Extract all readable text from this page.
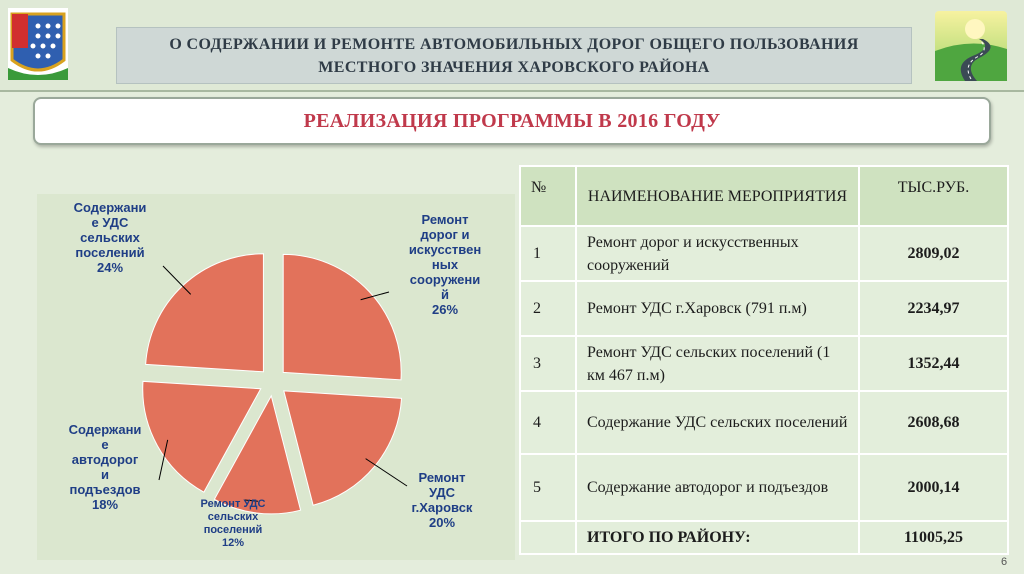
О СОДЕРЖАНИИ И РЕМОНТЕ АВТОМОБИЛЬНЫХ ДОРОГ ОБЩЕГО ПОЛЬЗОВАНИЯ
МЕСТНОГО ЗНАЧЕНИЯ ХАРОВСКОГО РАЙОНА
РЕАЛИЗАЦИЯ ПРОГРАММЫ В 2016 ГОДУ
Ремонт
дорог и
искусствен
ных
сооружени
й
26%
Ремонт
УДС
г.Харовск
20%
Ремонт УДС
сельских
поселений
12%
Содержани
е
автодорог
и
подъездов
18%
Содержани
е УДС
сельских
поселений
24%
№	НАИМЕНОВАНИЕ МЕРОПРИЯТИЯ	ТЫС.РУБ.
1	Ремонт дорог и искусственных сооружений	2809,02
2	Ремонт УДС г.Харовск (791 п.м)	2234,97
3	Ремонт УДС сельских поселений (1 км 467 п.м)	1352,44
4	Содержание УДС сельских поселений	2608,68
5	Содержание автодорог и подъездов	2000,14
	ИТОГО ПО РАЙОНУ:	11005,25
6
